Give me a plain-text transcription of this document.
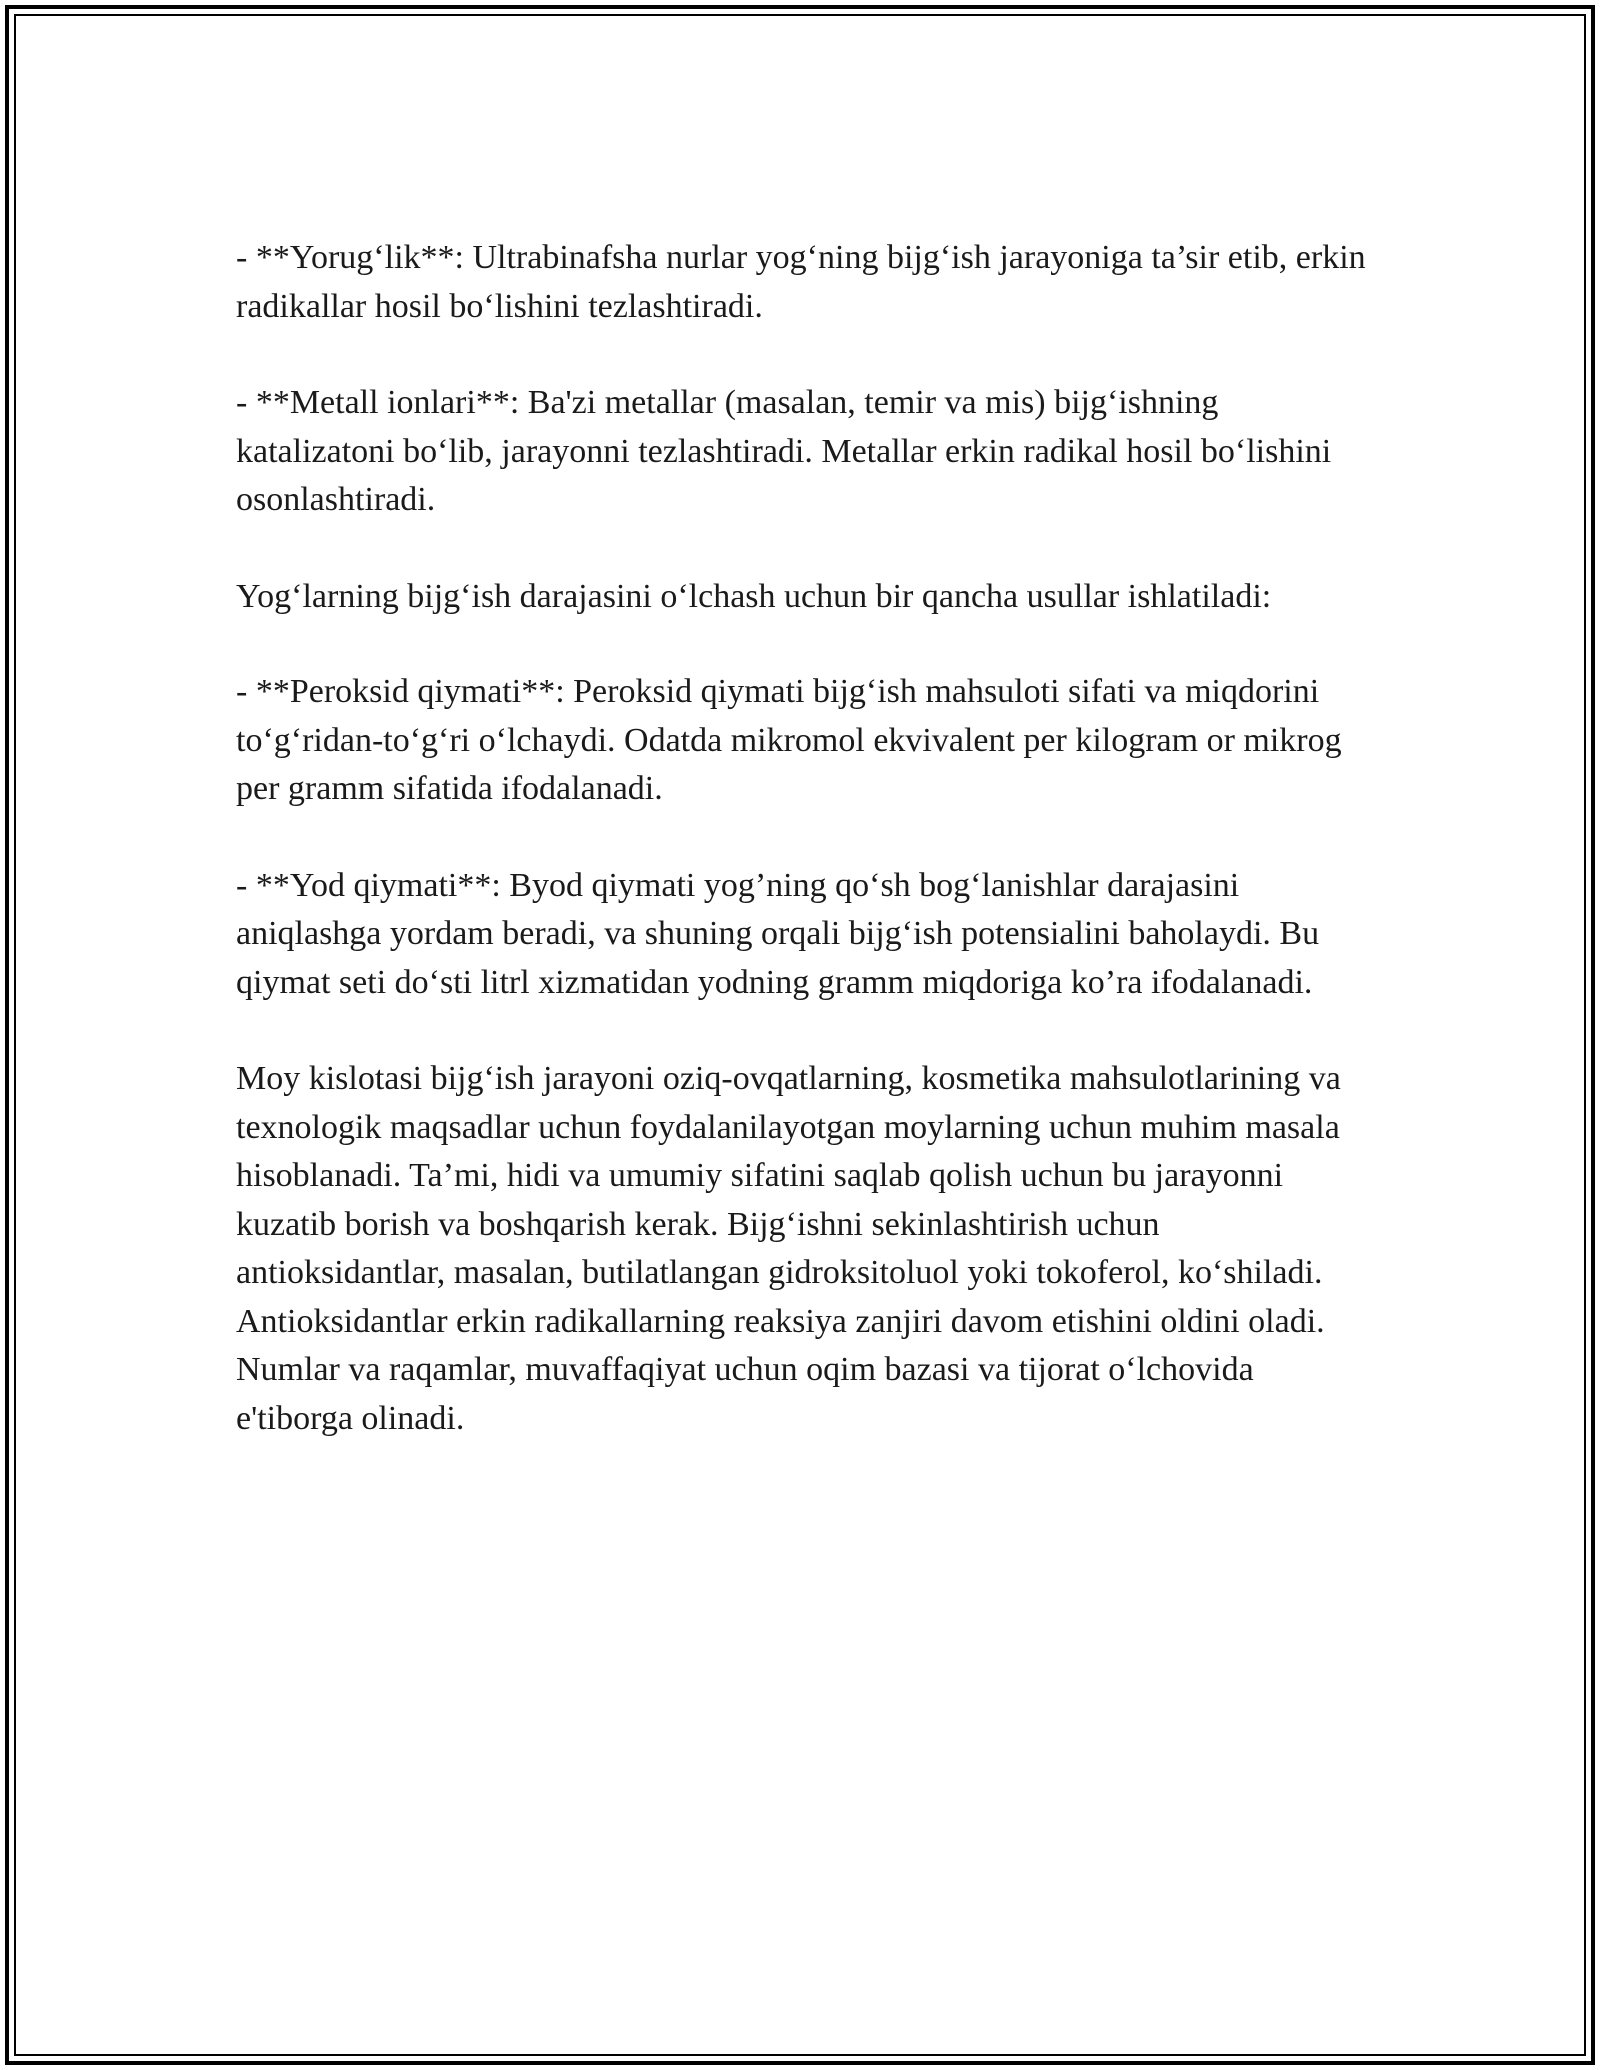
- **Yorug‘lik**: Ultrabinafsha nurlar yog‘ning bijg‘ish jarayoniga ta’sir etib, erkin radikallar hosil bo‘lishini tezlashtiradi.

- **Metall ionlari**: Ba'zi metallar (masalan, temir va mis) bijg‘ishning katalizatoni bo‘lib, jarayonni tezlashtiradi. Metallar erkin radikal hosil bo‘lishini osonlashtiradi.

Yog‘larning bijg‘ish darajasini o‘lchash uchun bir qancha usullar ishlatiladi:

- **Peroksid qiymati**: Peroksid qiymati bijg‘ish mahsuloti sifati va miqdorini to‘g‘ridan-to‘g‘ri o‘lchaydi. Odatda mikromol ekvivalent per kilogram or mikrog per gramm sifatida ifodalanadi.

- **Yod qiymati**: Byod qiymati yog’ning qo‘sh bog‘lanishlar darajasini aniqlashga yordam beradi, va shuning orqali bijg‘ish potensialini baholaydi. Bu qiymat seti do‘sti litrl xizmatidan yodning gramm miqdoriga ko’ra ifodalanadi.

Moy kislotasi bijg‘ish jarayoni oziq-ovqatlarning, kosmetika mahsulotlarining va texnologik maqsadlar uchun foydalanilayotgan moylarning uchun muhim masala hisoblanadi. Ta’mi, hidi va umumiy sifatini saqlab qolish uchun bu jarayonni kuzatib borish va boshqarish kerak. Bijg‘ishni sekinlashtirish uchun antioksidantlar, masalan, butilatlangan gidroksitoluol yoki tokoferol, ko‘shiladi. Antioksidantlar erkin radikallarning reaksiya zanjiri davom etishini oldini oladi. Numlar va raqamlar, muvaffaqiyat uchun oqim bazasi va tijorat o‘lchovida e'tiborga olinadi.
